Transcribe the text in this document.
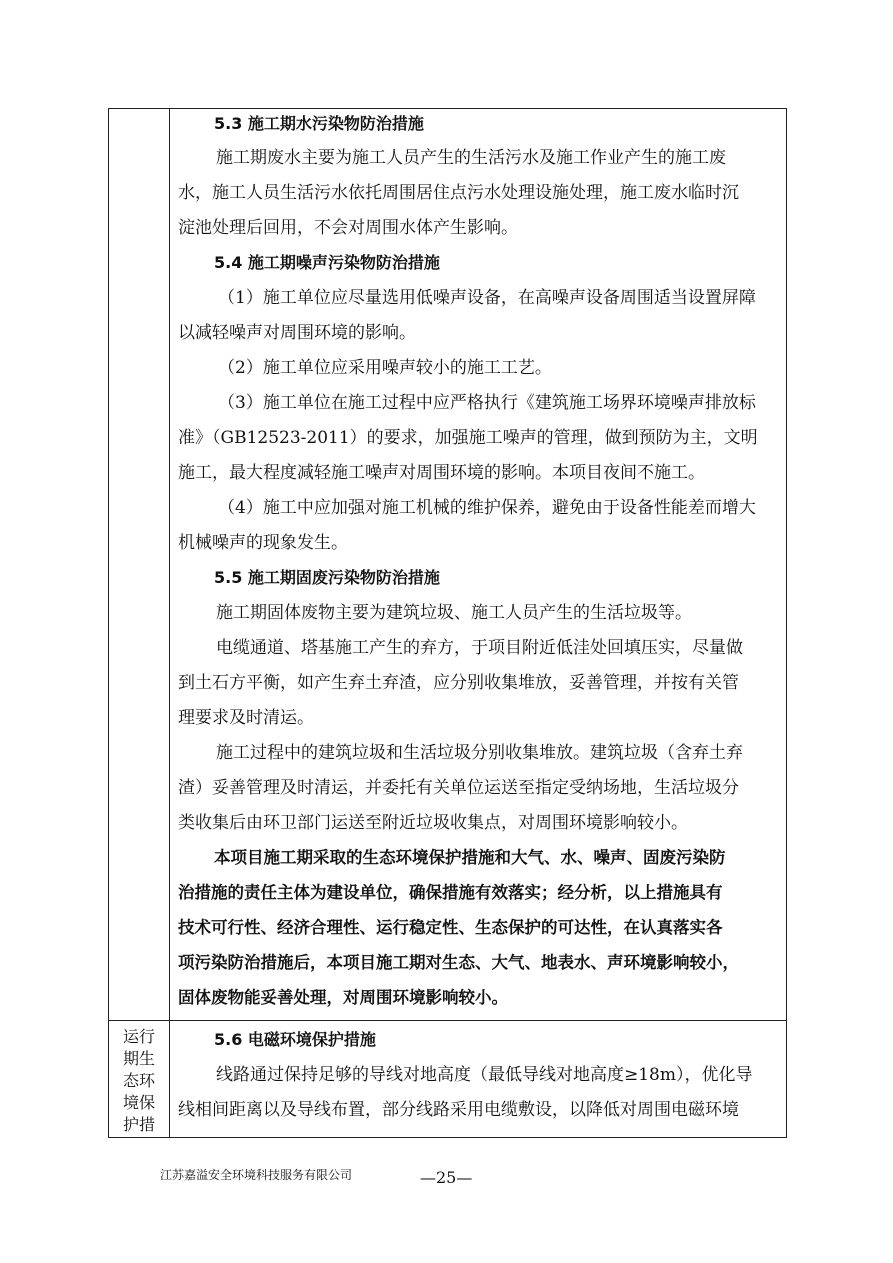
运行
期生
态环
境保
护措
5.3 施工期水污染物防治措施
施工期废水主要为施工人员产生的生活污水及施工作业产生的施工废
水，施工人员生活污水依托周围居住点污水处理设施处理，施工废水临时沉
淀池处理后回用，不会对周围水体产生影响。
5.4 施工期噪声污染物防治措施
（1）施工单位应尽量选用低噪声设备，在高噪声设备周围适当设置屏障
以减轻噪声对周围环境的影响。
（2）施工单位应采用噪声较小的施工工艺。
（3）施工单位在施工过程中应严格执行《建筑施工场界环境噪声排放标
准》（GB12523-2011）的要求，加强施工噪声的管理，做到预防为主，文明
施工，最大程度减轻施工噪声对周围环境的影响。本项目夜间不施工。
（4）施工中应加强对施工机械的维护保养，避免由于设备性能差而增大
机械噪声的现象发生。
5.5 施工期固废污染物防治措施
施工期固体废物主要为建筑垃圾、施工人员产生的生活垃圾等。
电缆通道、塔基施工产生的弃方，于项目附近低洼处回填压实，尽量做
到土石方平衡，如产生弃土弃渣，应分别收集堆放，妥善管理，并按有关管
理要求及时清运。
施工过程中的建筑垃圾和生活垃圾分别收集堆放。建筑垃圾（含弃土弃
渣）妥善管理及时清运，并委托有关单位运送至指定受纳场地，生活垃圾分
类收集后由环卫部门运送至附近垃圾收集点，对周围环境影响较小。
本项目施工期采取的生态环境保护措施和大气、水、噪声、固废污染防
治措施的责任主体为建设单位，确保措施有效落实；经分析，以上措施具有
技术可行性、经济合理性、运行稳定性、生态保护的可达性，在认真落实各
项污染防治措施后，本项目施工期对生态、大气、地表水、声环境影响较小，
固体废物能妥善处理，对周围环境影响较小。
5.6 电磁环境保护措施
线路通过保持足够的导线对地高度（最低导线对地高度≥18m），优化导
线相间距离以及导线布置，部分线路采用电缆敷设，以降低对周围电磁环境
江苏嘉溢安全环境科技服务有限公司	—25—
